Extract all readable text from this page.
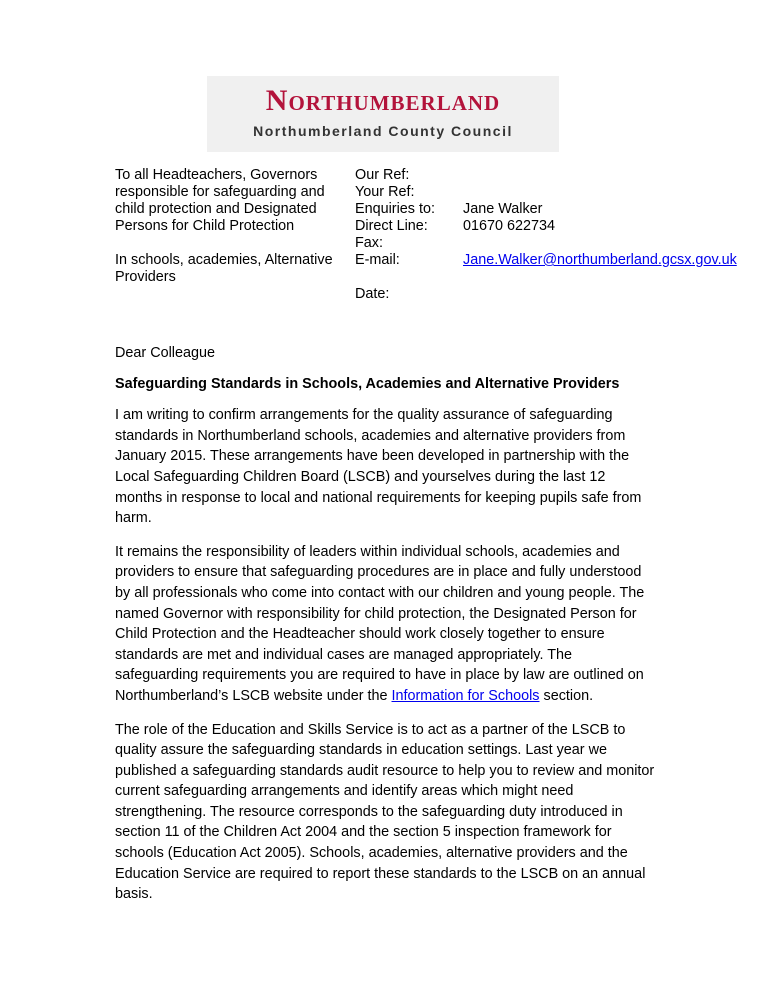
Northumberland
Northumberland County Council

To all Headteachers, Governors responsible for safeguarding and child protection and Designated Persons for Child Protection

In schools, academies, Alternative Providers

Our Ref:
Your Ref:
Enquiries to:
Direct Line:
Fax:
E-mail:
Date:
Jane Walker
01670 622734
Jane.Walker@northumberland.gcsx.gov.uk

Dear Colleague

Safeguarding Standards in Schools, Academies and Alternative Providers

I am writing to confirm arrangements for the quality assurance of safeguarding standards in Northumberland schools, academies and alternative providers from January 2015. These arrangements have been developed in partnership with the Local Safeguarding Children Board (LSCB) and yourselves during the last 12 months in response to local and national requirements for keeping pupils safe from harm.

It remains the responsibility of leaders within individual schools, academies and providers to ensure that safeguarding procedures are in place and fully understood by all professionals who come into contact with our children and young people. The named Governor with responsibility for child protection, the Designated Person for Child Protection and the Headteacher should work closely together to ensure standards are met and individual cases are managed appropriately. The safeguarding requirements you are required to have in place by law are outlined on Northumberland’s LSCB website under the Information for Schools section.

The role of the Education and Skills Service is to act as a partner of the LSCB to quality assure the safeguarding standards in education settings. Last year we published a safeguarding standards audit resource to help you to review and monitor current safeguarding arrangements and identify areas which might need strengthening. The resource corresponds to the safeguarding duty introduced in section 11 of the Children Act 2004 and the section 5 inspection framework for schools (Education Act 2005). Schools, academies, alternative providers and the Education Service are required to report these standards to the LSCB on an annual basis.
